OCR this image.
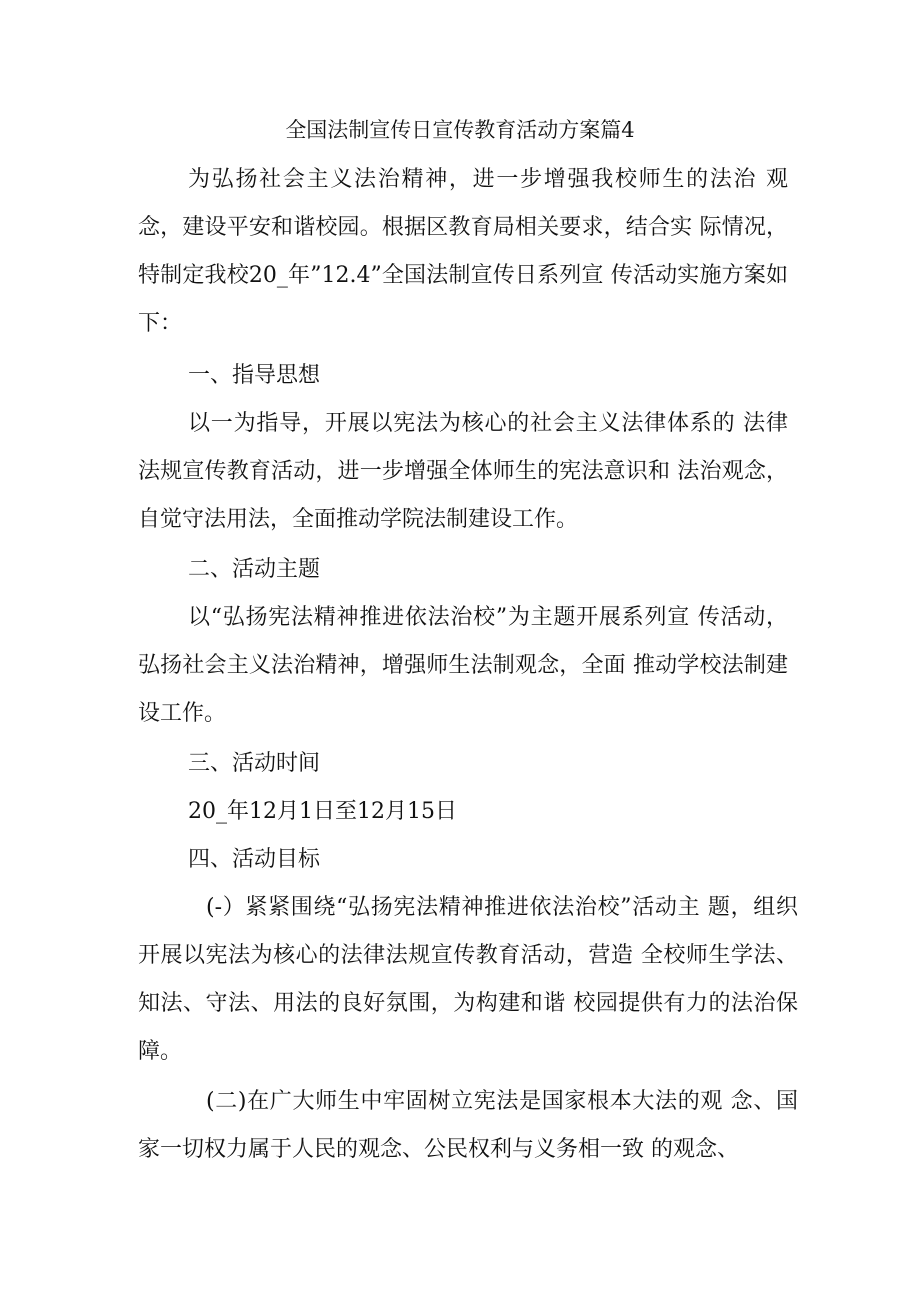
全国法制宣传日宣传教育活动方案篇4
为弘扬社会主义法治精神，进一步增强我校师生的法治 观念，建设平安和谐校园。根据区教育局相关要求，结合实 际情况，特制定我校20_年”12.4”全国法制宣传日系列宣 传活动实施方案如下：
一、指导思想
以一为指导，开展以宪法为核心的社会主义法律体系的 法律法规宣传教育活动，进一步增强全体师生的宪法意识和 法治观念，自觉守法用法，全面推动学院法制建设工作。
二、活动主题
以“弘扬宪法精神推进依法治校”为主题开展系列宣 传活动，弘扬社会主义法治精神，增强师生法制观念，全面 推动学校法制建设工作。
三、活动时间
20_年12月1日至12月15日
四、活动目标
(-）紧紧围绕“弘扬宪法精神推进依法治校”活动主 题，组织开展以宪法为核心的法律法规宣传教育活动，营造 全校师生学法、知法、守法、用法的良好氛围，为构建和谐 校园提供有力的法治保障。
(二)在广大师生中牢固树立宪法是国家根本大法的观 念、国家一切权力属于人民的观念、公民权利与义务相一致 的观念、
